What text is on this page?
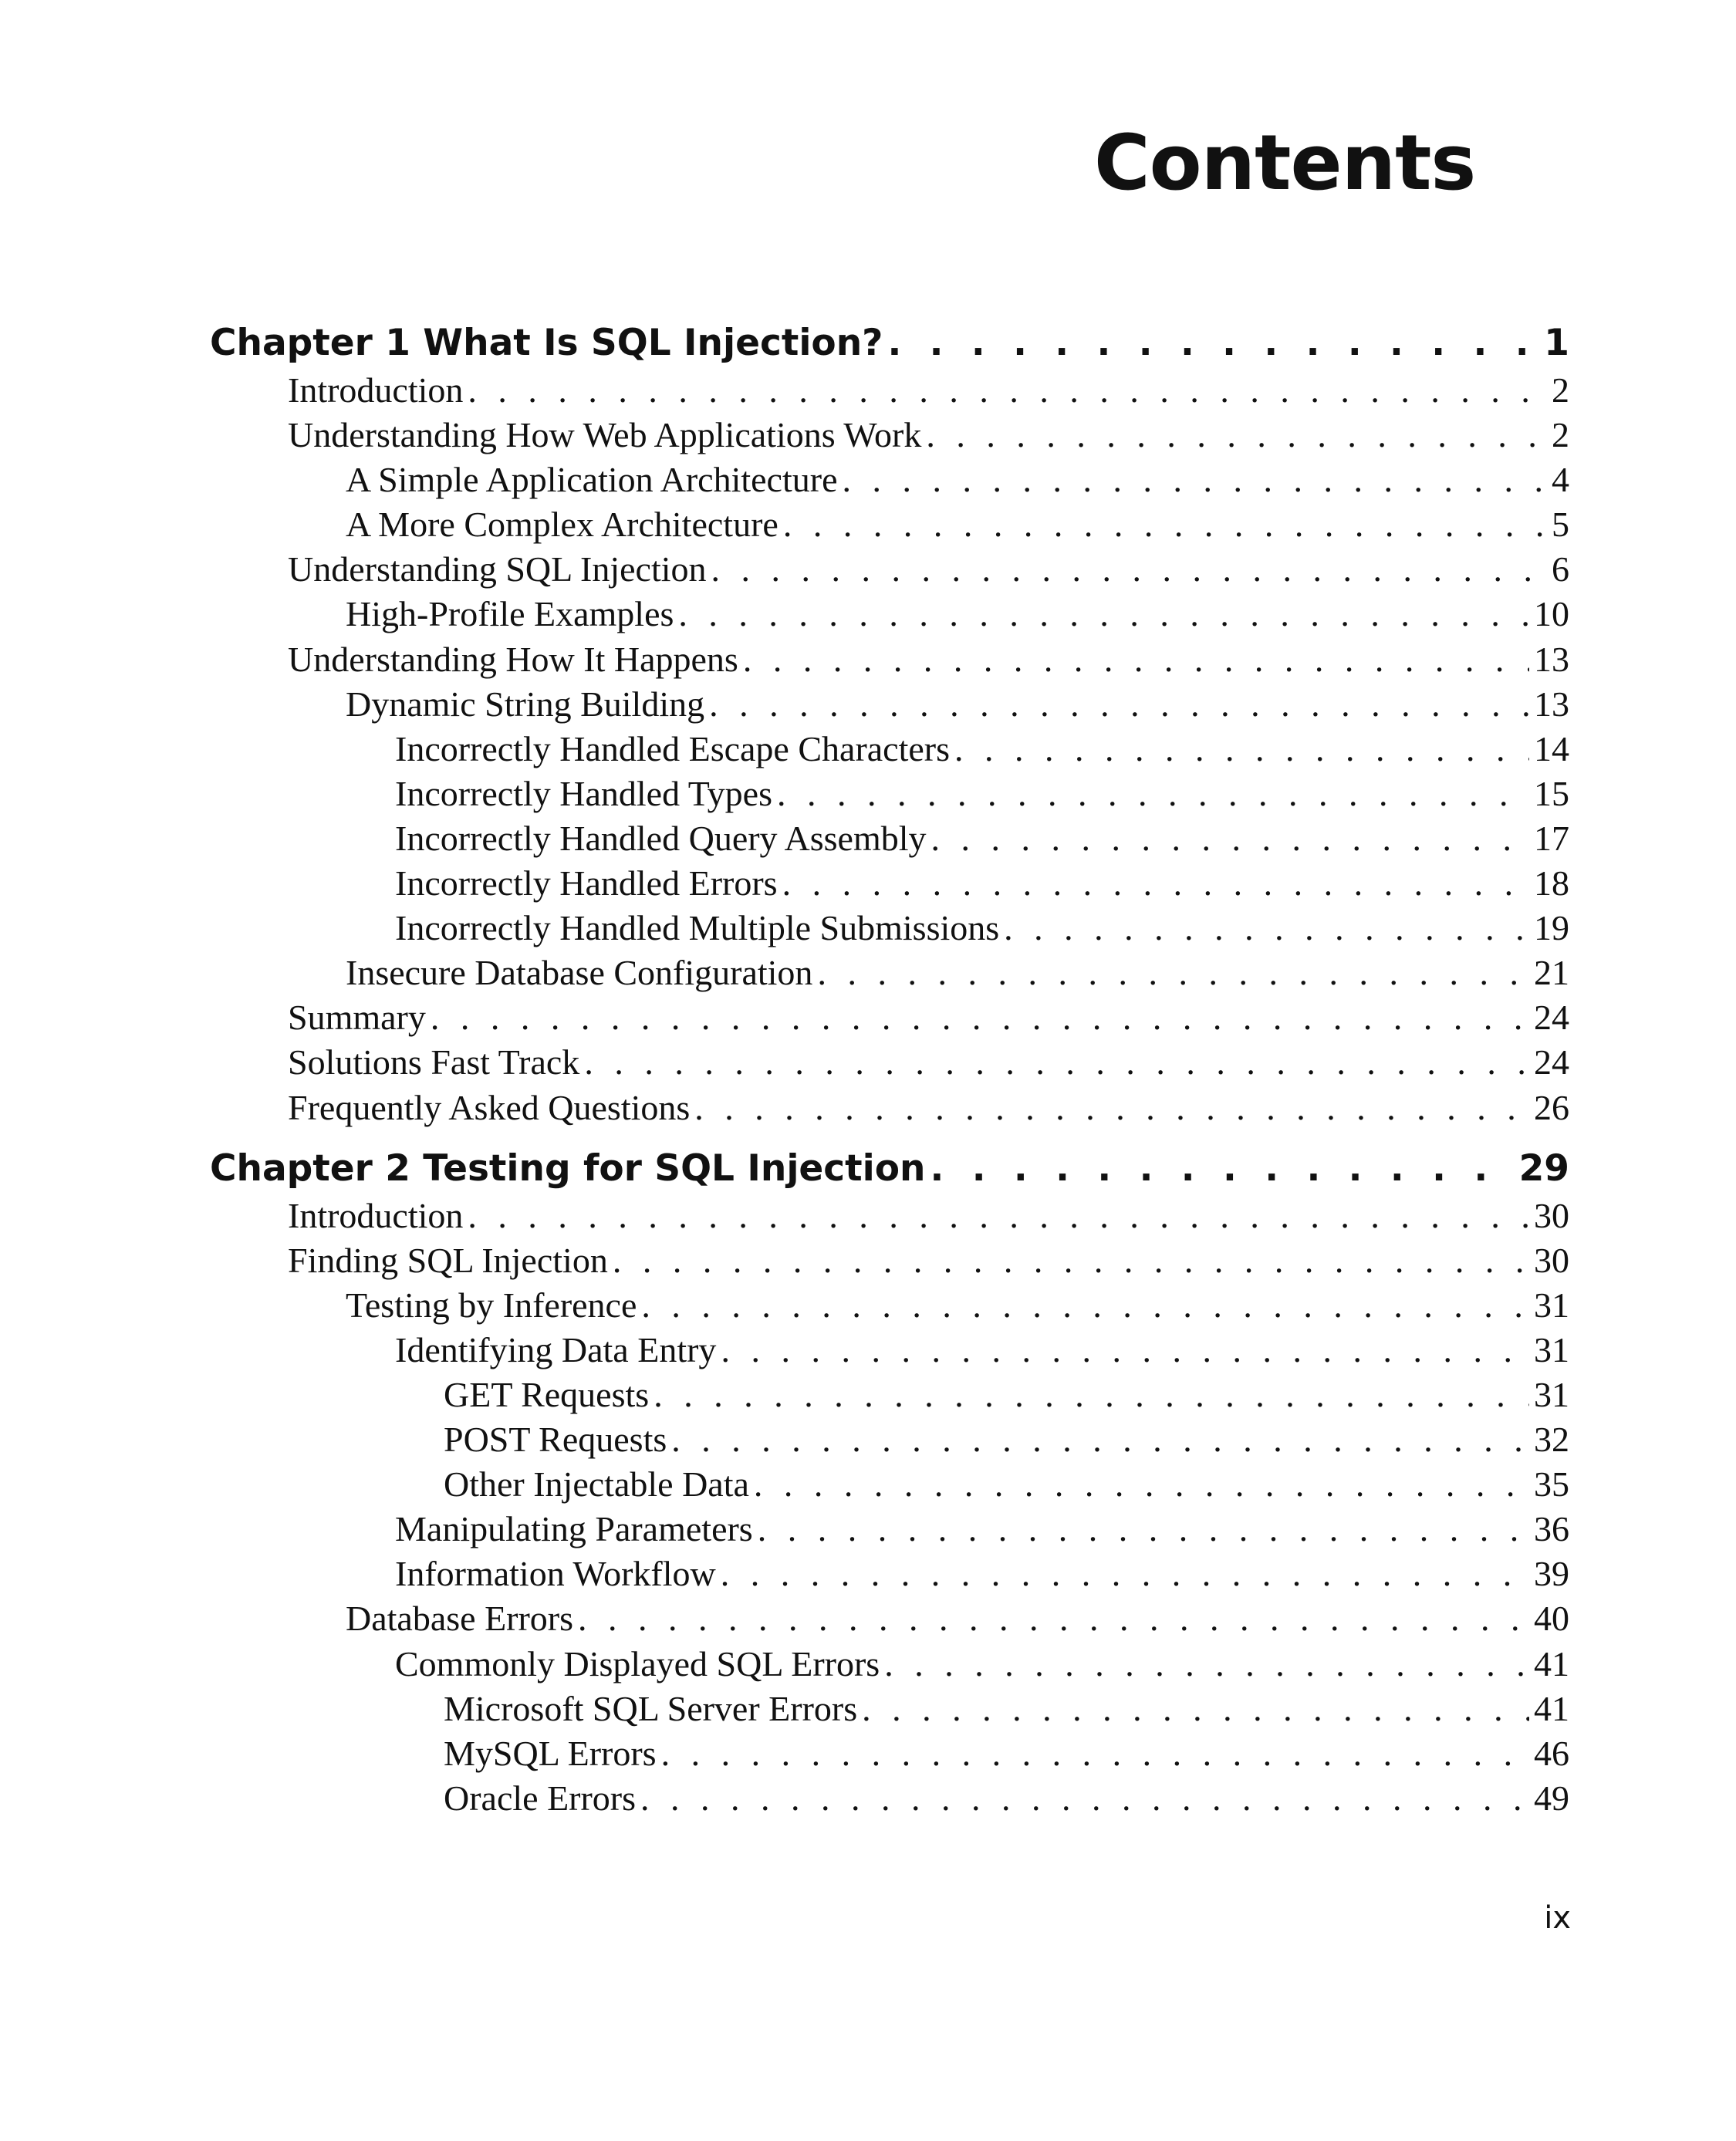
Contents
Chapter 1 What Is SQL Injection? . . .	1
Introduction . . .	2
Understanding How Web Applications Work . . .	2
A Simple Application Architecture . . .	4
A More Complex Architecture . . .	5
Understanding SQL Injection . . .	6
High-Profile Examples . . .	10
Understanding How It Happens . . .	13
Dynamic String Building . . .	13
Incorrectly Handled Escape Characters . . .	14
Incorrectly Handled Types . . .	15
Incorrectly Handled Query Assembly . . .	17
Incorrectly Handled Errors . . .	18
Incorrectly Handled Multiple Submissions . . .	19
Insecure Database Configuration . . .	21
Summary . . .	24
Solutions Fast Track . . .	24
Frequently Asked Questions . . .	26
Chapter 2 Testing for SQL Injection . . .	29
Introduction . . .	30
Finding SQL Injection . . .	30
Testing by Inference . . .	31
Identifying Data Entry . . .	31
GET Requests . . .	31
POST Requests . . .	32
Other Injectable Data . . .	35
Manipulating Parameters . . .	36
Information Workflow . . .	39
Database Errors . . .	40
Commonly Displayed SQL Errors . . .	41
Microsoft SQL Server Errors . . .	41
MySQL Errors . . .	46
Oracle Errors . . .	49
ix
